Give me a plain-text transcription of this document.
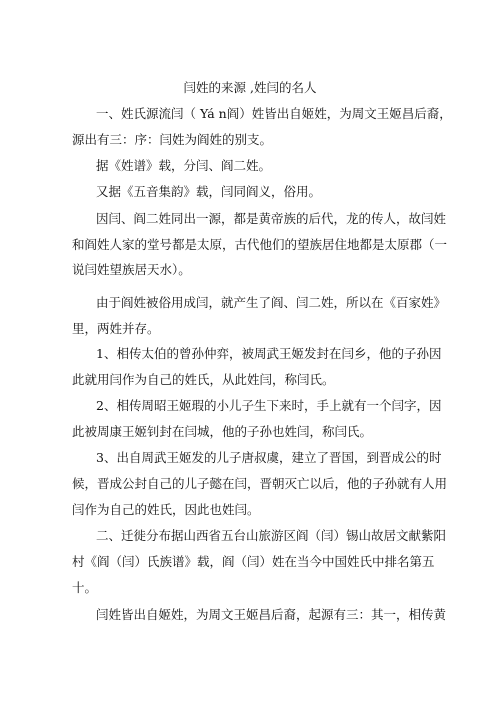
闫姓的来源 ,姓闫的名人
一、姓氏源流闫（ Yá n阎）姓皆出自姬姓，为周文王姬昌后裔，
源出有三：序：闫姓为阎姓的别支。
据《姓谱》载，分闫、阎二姓。
又据《五音集韵》载，闫同阎义，俗用。
因闫、阎二姓同出一源，都是黄帝族的后代，龙的传人，故闫姓
和阎姓人家的堂号都是太原，古代他们的望族居住地都是太原郡（一
说闫姓望族居天水）。
由于阎姓被俗用成闫，就产生了阎、闫二姓，所以在《百家姓》
里，两姓并存。
1、相传太伯的曾孙仲弈，被周武王姬发封在闫乡，他的子孙因
此就用闫作为自己的姓氏，从此姓闫，称闫氏。
2、相传周昭王姬瑕的小儿子生下来时，手上就有一个闫字，因
此被周康王姬钊封在闫城，他的子孙也姓闫，称闫氏。
3、出自周武王姬发的儿子唐叔虞，建立了晋国，到晋成公的时
候，晋成公封自己的儿子懿在闫，晋朝灭亡以后，他的子孙就有人用
闫作为自己的姓氏，因此也姓闫。
二、迁徙分布据山西省五台山旅游区阎（闫）锡山故居文献紫阳
村《阎（闫）氏族谱》载，阎（闫）姓在当今中国姓氏中排名第五
十。
闫姓皆出自姬姓，为周文王姬昌后裔，起源有三：其一，相传黄
